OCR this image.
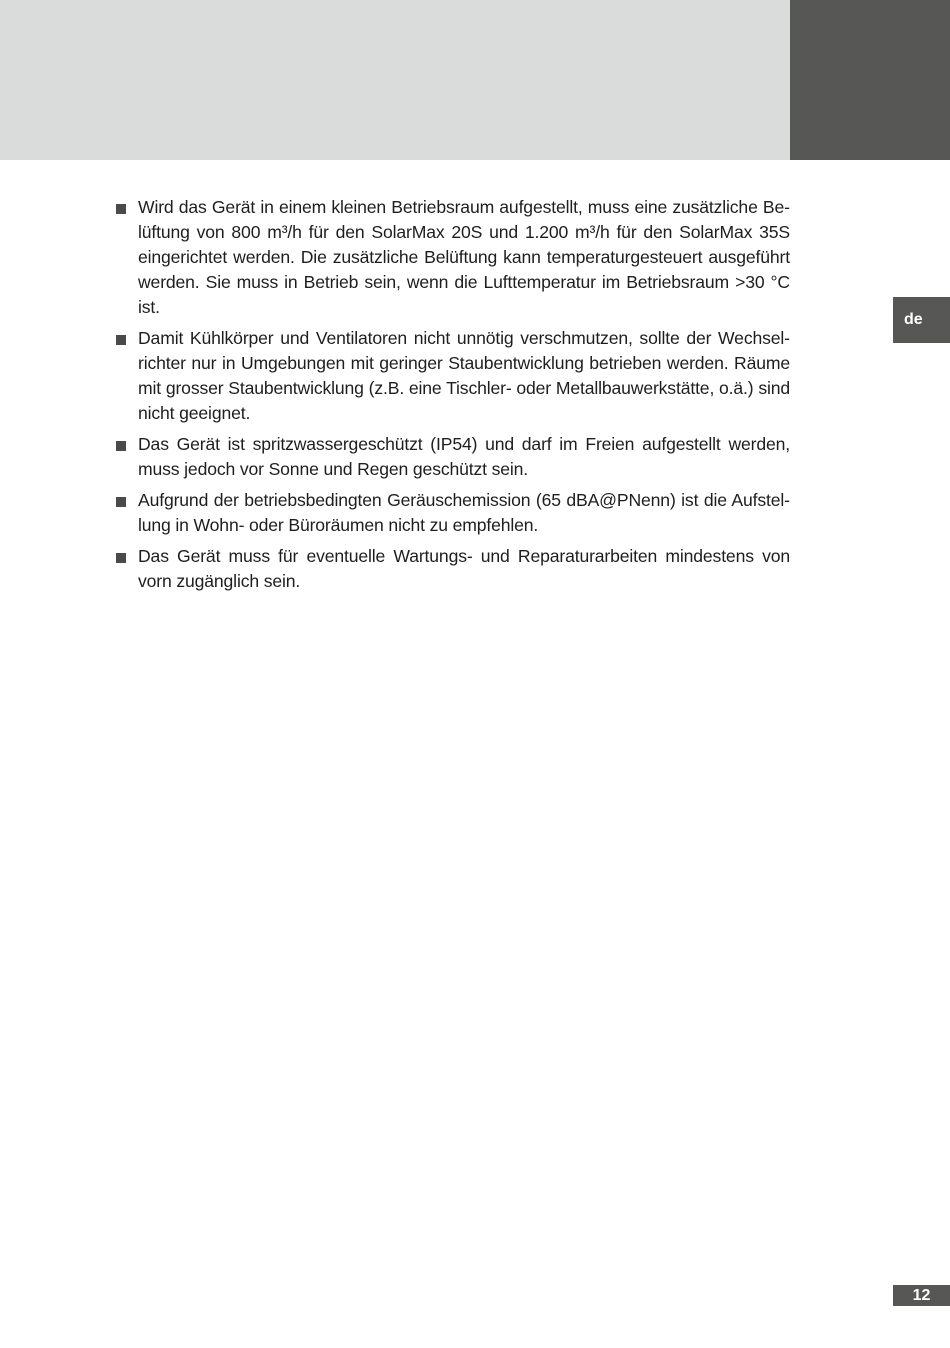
de
Wird das Gerät in einem kleinen Betriebsraum aufgestellt, muss eine zusätzliche Belüftung von 800 m³/h für den SolarMax 20S und 1.200 m³/h für den SolarMax 35S eingerichtet werden. Die zusätzliche Belüftung kann temperaturgesteuert ausgeführt werden. Sie muss in Betrieb sein, wenn die Lufttemperatur im Betriebsraum >30 °C ist.
Damit Kühlkörper und Ventilatoren nicht unnötig verschmutzen, sollte der Wechselrichter nur in Umgebungen mit geringer Staubentwicklung betrieben werden. Räume mit grosser Staubentwicklung (z.B. eine Tischler- oder Metallbauwerkstätte, o.ä.) sind nicht geeignet.
Das Gerät ist spritzwassergeschützt (IP54) und darf im Freien aufgestellt werden, muss jedoch vor Sonne und Regen geschützt sein.
Aufgrund der betriebsbedingten Geräuschemission (65 dBA@PNenn) ist die Aufstellung in Wohn- oder Büroräumen nicht zu empfehlen.
Das Gerät muss für eventuelle Wartungs- und Reparaturarbeiten mindestens von vorn zugänglich sein.
12
